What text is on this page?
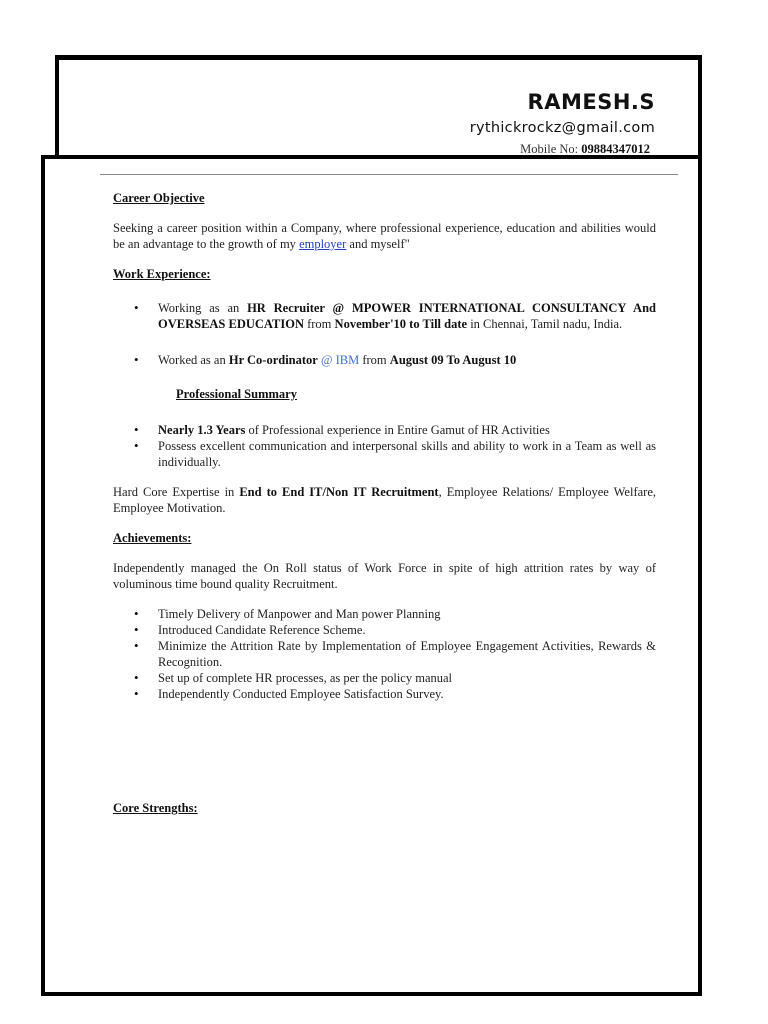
RAMESH.S
rythickrockz@gmail.com
Mobile No: 09884347012
Career Objective

Seeking a career position within a Company, where professional experience, education and abilities would be an advantage to the growth of my employer and myself"

Work Experience:
• Working as an HR Recruiter @ MPOWER INTERNATIONAL CONSULTANCY And OVERSEAS EDUCATION from November'10 to Till date in Chennai, Tamil nadu, India.
• Worked as an Hr Co-ordinator @ IBM from August 09 To August 10
Professional Summary
• Nearly 1.3 Years of Professional experience in Entire Gamut of HR Activities
• Possess excellent communication and interpersonal skills and ability to work in a Team as well as individually.

Hard Core Expertise in End to End IT/Non IT Recruitment, Employee Relations/ Employee Welfare, Employee Motivation.

Achievements:

Independently managed the On Roll status of Work Force in spite of high attrition rates by way of voluminous time bound quality Recruitment.

• Timely Delivery of Manpower and Man power Planning
• Introduced Candidate Reference Scheme.
• Minimize the Attrition Rate by Implementation of Employee Engagement Activities, Rewards & Recognition.
• Set up of complete HR processes, as per the policy manual
• Independently Conducted Employee Satisfaction Survey.
Core Strengths:
